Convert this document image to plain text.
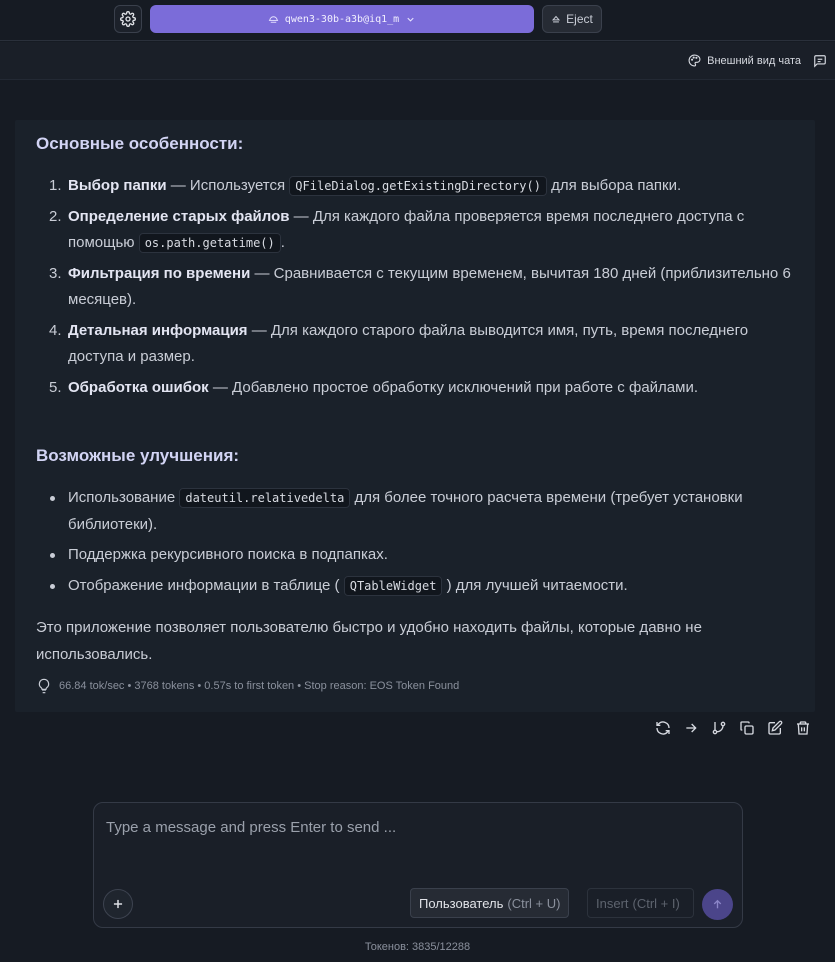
qwen3-30b-a3b@iq1_m	Eject
Внешний вид чата
Основные особенности:
1. Выбор папки — Используется QFileDialog.getExistingDirectory() для выбора папки.
2. Определение старых файлов — Для каждого файла проверяется время последнего доступа с помощью os.path.getatime() .
3. Фильтрация по времени — Сравнивается с текущим временем, вычитая 180 дней (приблизительно 6 месяцев).
4. Детальная информация — Для каждого старого файла выводится имя, путь, время последнего доступа и размер.
5. Обработка ошибок — Добавлено простое обработку исключений при работе с файлами.
Возможные улучшения:
Использование dateutil.relativedelta для более точного расчета времени (требует установки библиотеки).
Поддержка рекурсивного поиска в подпапках.
Отображение информации в таблице ( QTableWidget ) для лучшей читаемости.

Это приложение позволяет пользователю быстро и удобно находить файлы, которые давно не использовались.

66.84 tok/sec • 3768 tokens • 0.57s to first token • Stop reason: EOS Token Found
Type a message and press Enter to send ...
Пользователь (Ctrl + U)	Insert (Ctrl + I)
Токенов: 3835/12288
